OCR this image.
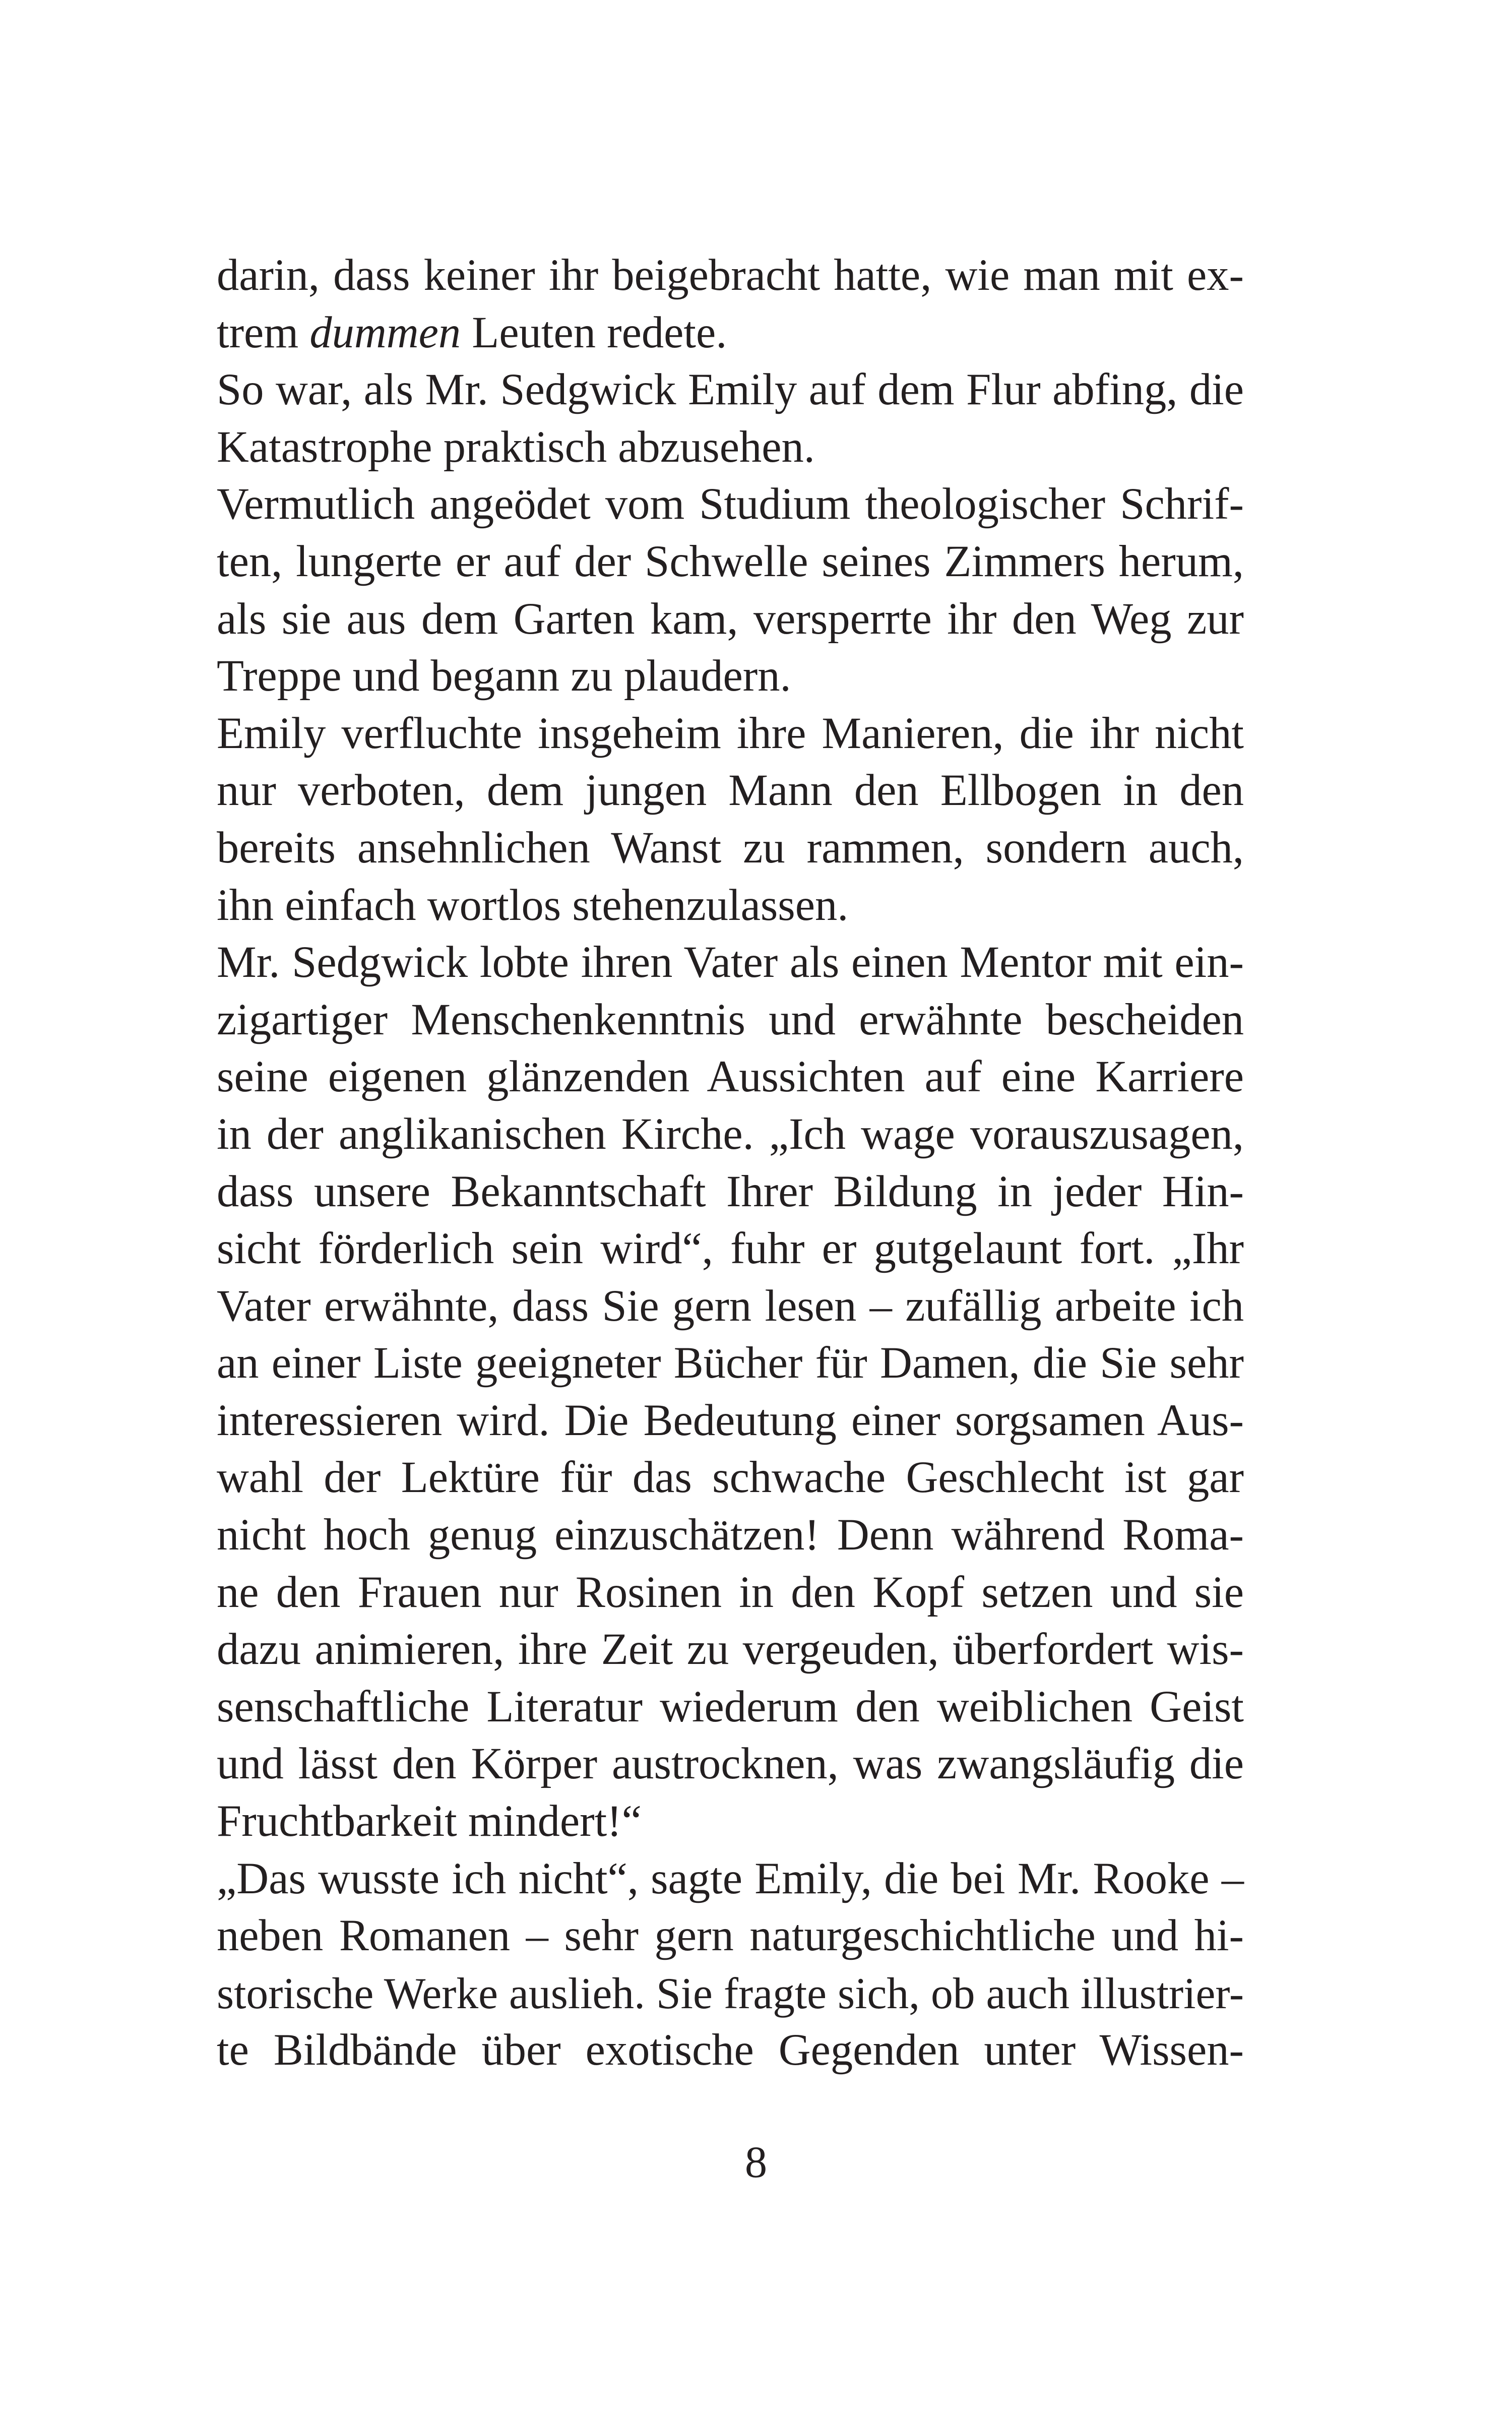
darin, dass keiner ihr beigebracht hatte, wie man mit ex-
trem dummen Leuten redete.
So war, als Mr. Sedgwick Emily auf dem Flur abfing, die
Katastrophe praktisch abzusehen.
Vermutlich angeödet vom Studium theologischer Schrif-
ten, lungerte er auf der Schwelle seines Zimmers herum,
als sie aus dem Garten kam, versperrte ihr den Weg zur
Treppe und begann zu plaudern.
Emily verfluchte insgeheim ihre Manieren, die ihr nicht
nur verboten, dem jungen Mann den Ellbogen in den
bereits ansehnlichen Wanst zu rammen, sondern auch,
ihn einfach wortlos stehenzulassen.
Mr. Sedgwick lobte ihren Vater als einen Mentor mit ein-
zigartiger Menschenkenntnis und erwähnte bescheiden
seine eigenen glänzenden Aussichten auf eine Karriere
in der anglikanischen Kirche. „Ich wage vorauszusagen,
dass unsere Bekanntschaft Ihrer Bildung in jeder Hin-
sicht förderlich sein wird“, fuhr er gutgelaunt fort. „Ihr
Vater erwähnte, dass Sie gern lesen – zufällig arbeite ich
an einer Liste geeigneter Bücher für Damen, die Sie sehr
interessieren wird. Die Bedeutung einer sorgsamen Aus-
wahl der Lektüre für das schwache Geschlecht ist gar
nicht hoch genug einzuschätzen! Denn während Roma-
ne den Frauen nur Rosinen in den Kopf setzen und sie
dazu animieren, ihre Zeit zu vergeuden, überfordert wis-
senschaftliche Literatur wiederum den weiblichen Geist
und lässt den Körper austrocknen, was zwangsläufig die
Fruchtbarkeit mindert!“
„Das wusste ich nicht“, sagte Emily, die bei Mr. Rooke –
neben Romanen – sehr gern naturgeschichtliche und hi-
storische Werke auslieh. Sie fragte sich, ob auch illustrier-
te Bildbände über exotische Gegenden unter Wissen-
8
